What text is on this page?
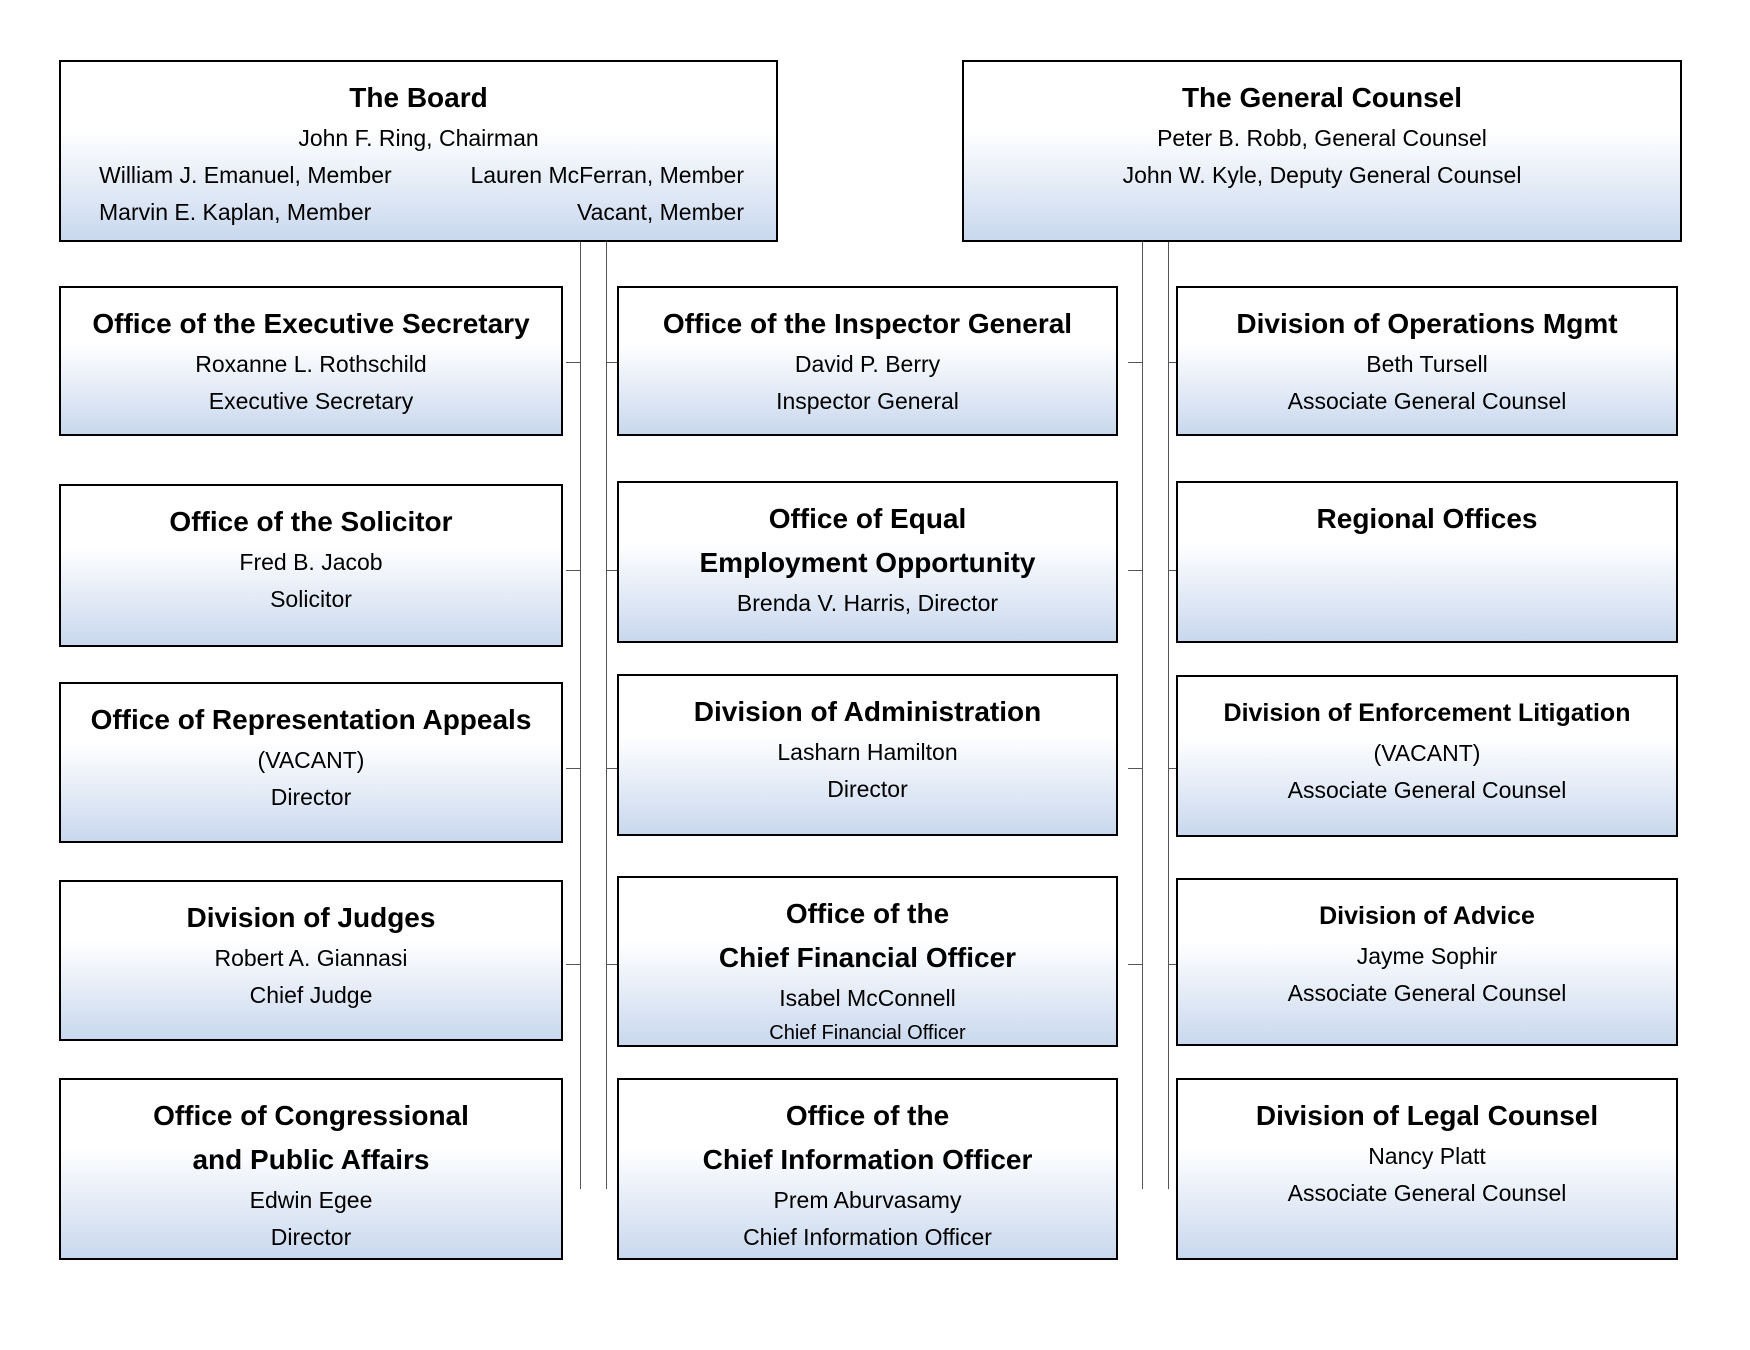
The Board
John F. Ring, Chairman
William J. Emanuel, Member	Lauren McFerran, Member
Marvin E. Kaplan, Member	Vacant, Member
The General Counsel
Peter B. Robb, General Counsel
John W. Kyle, Deputy General Counsel
Office of the Executive Secretary
Roxanne L. Rothschild
Executive Secretary
Office of the Solicitor
Fred B. Jacob
Solicitor
Office of Representation Appeals
(VACANT)
Director
Division of Judges
Robert A. Giannasi
Chief Judge
Office of Congressional
and Public Affairs
Edwin Egee
Director
Office of the Inspector General
David P. Berry
Inspector General
Office of Equal
Employment Opportunity
Brenda V. Harris, Director
Division of Administration
Lasharn Hamilton
Director
Office of the
Chief Financial Officer
Isabel McConnell
Chief Financial Officer
Office of the
Chief Information Officer
Prem Aburvasamy
Chief Information Officer
Division of Operations Mgmt
Beth Tursell
Associate General Counsel
Regional Offices
Division of Enforcement Litigation
(VACANT)
Associate General Counsel
Division of Advice
Jayme Sophir
Associate General Counsel
Division of Legal Counsel
Nancy Platt
Associate General Counsel
